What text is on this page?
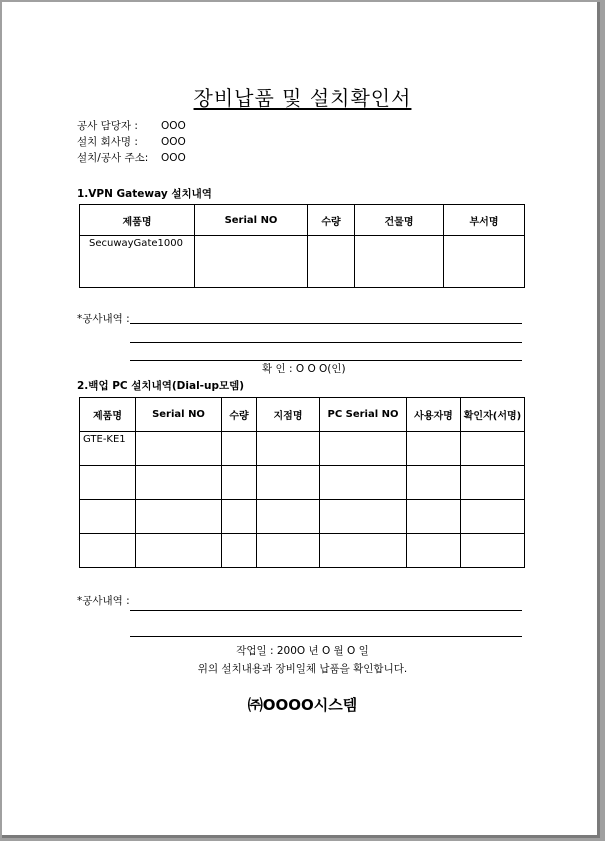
장비납품 및 설치확인서
공사 담당자 : OOO
설치 회사명 : OOO
설치/공사 주소: OOO
1.VPN Gateway 설치내역
제품명	Serial NO	수량	건물명	부서명
SecuwayGate1000				
*공사내역 :
확 인 : O O O(인)
2.백업 PC 설치내역(Dial-up모뎀)
제품명	Serial NO	수량	지점명	PC Serial NO	사용자명	확인자(서명)
GTE-KE1						

*공사내역 :
작업일 : 200O 년 O 월 O 일
위의 설치내용과 장비일체 납품을 확인합니다.
㈜OOOO시스템
